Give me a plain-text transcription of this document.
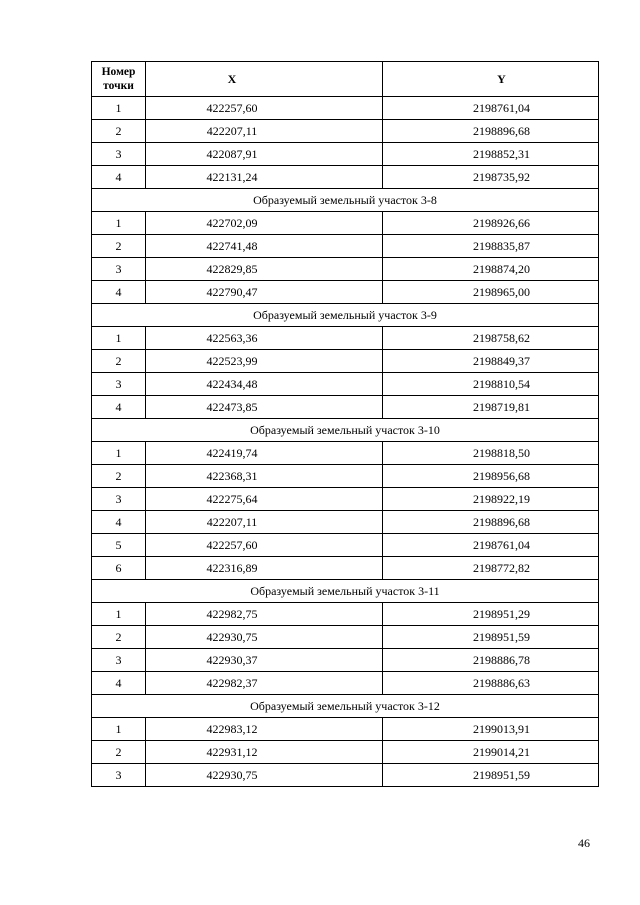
Номер
точки	X	Y
1	422257,60	2198761,04
2	422207,11	2198896,68
3	422087,91	2198852,31
4	422131,24	2198735,92
Образуемый земельный участок 3-8		
1	422702,09	2198926,66
2	422741,48	2198835,87
3	422829,85	2198874,20
4	422790,47	2198965,00
Образуемый земельный участок 3-9		
1	422563,36	2198758,62
2	422523,99	2198849,37
3	422434,48	2198810,54
4	422473,85	2198719,81
Образуемый земельный участок 3-10		
1	422419,74	2198818,50
2	422368,31	2198956,68
3	422275,64	2198922,19
4	422207,11	2198896,68
5	422257,60	2198761,04
6	422316,89	2198772,82
Образуемый земельный участок 3-11		
1	422982,75	2198951,29
2	422930,75	2198951,59
3	422930,37	2198886,78
4	422982,37	2198886,63
Образуемый земельный участок 3-12		
1	422983,12	2199013,91
2	422931,12	2199014,21
3	422930,75	2198951,59
46
